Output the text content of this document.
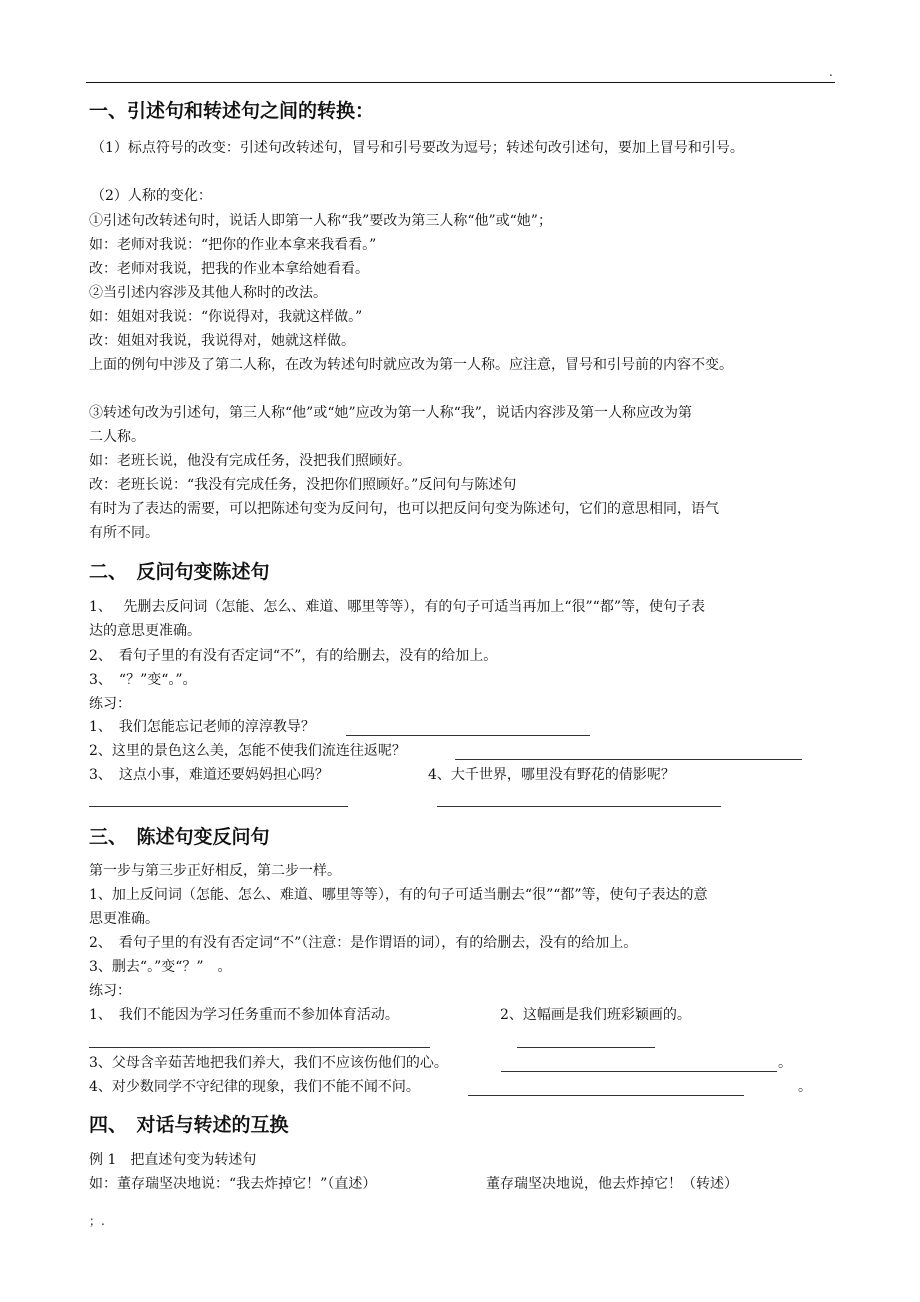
.
一、引述句和转述句之间的转换：
（1）标点符号的改变：引述句改转述句，冒号和引号要改为逗号；转述句改引述句，要加上冒号和引号。
（2）人称的变化：
①引述句改转述句时，说话人即第一人称“我”要改为第三人称“他”或“她”；
如：老师对我说：“把你的作业本拿来我看看。”
改：老师对我说，把我的作业本拿给她看看。
②当引述内容涉及其他人称时的改法。
如：姐姐对我说：“你说得对，我就这样做。”
改：姐姐对我说，我说得对，她就这样做。
上面的例句中涉及了第二人称，在改为转述句时就应改为第一人称。应注意，冒号和引号前的内容不变。
③转述句改为引述句，第三人称“他”或“她”应改为第一人称“我”，说话内容涉及第一人称应改为第
二人称。
如：老班长说，他没有完成任务，没把我们照顾好。
改：老班长说：“我没有完成任务，没把你们照顾好。”反问句与陈述句
有时为了表达的需要，可以把陈述句变为反问句，也可以把反问句变为陈述句，它们的意思相同，语气
有所不同。
二、　反问句变陈述句
1、　 先删去反问词（怎能、怎么、难道、哪里等等），有的句子可适当再加上“很”“都”等，使句子表
达的意思更准确。
2、　看句子里的有没有否定词“不”，有的给删去，没有的给加上。
3、　“？”变“。”。
练习：
1、　我们怎能忘记老师的淳淳教导？
2、这里的景色这么美，怎能不使我们流连往返呢？
3、　这点小事，难道还要妈妈担心吗？	4、大千世界，哪里没有野花的倩影呢？
三、　陈述句变反问句
第一步与第三步正好相反，第二步一样。
1、加上反问词（怎能、怎么、难道、哪里等等），有的句子可适当删去“很”“都”等，使句子表达的意
思更准确。
2、　看句子里的有没有否定词“不”（注意：是作谓语的词），有的给删去，没有的给加上。
3、删去“。”变“？”　。
练习：
1、　我们不能因为学习任务重而不参加体育活动。	2、这幅画是我们班彩颖画的。
3、父母含辛茹苦地把我们养大，我们不应该伤他们的心。	。
4、对少数同学不守纪律的现象，我们不能不闻不问。	。
四、　对话与转述的互换
例 1　把直述句变为转述句
如：董存瑞坚决地说：“我去炸掉它！”（直述）	董存瑞坚决地说，他去炸掉它！（转述）
；.
